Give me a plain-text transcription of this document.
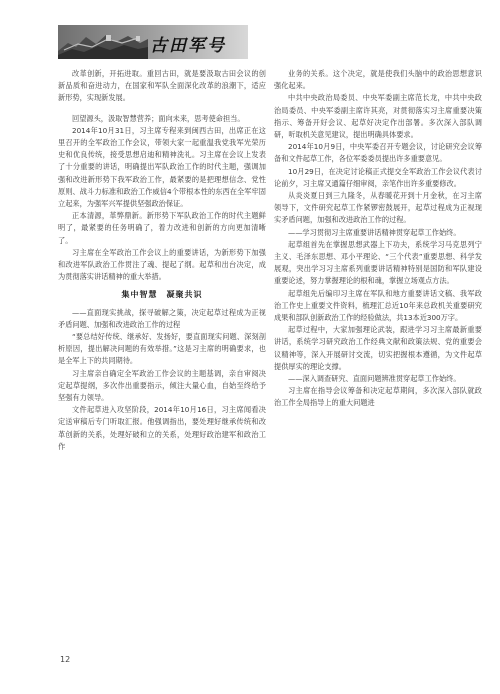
古田军号

改革创新，开拓进取。重回古田，就是要汲取古田会议的创新品质和奋进动力，在国家和军队全面深化改革的浪潮下，适应新形势，实现新发展。

回望源头，汲取智慧营养；面向未来，思考使命担当。

2014年10月31日，习主席专程来到闽西古田，出席正在这里召开的全军政治工作会议，带领大家一起重温我党我军光荣历史和优良传统，接受思想启迪和精神洗礼。习主席在会议上发表了十分重要的讲话，明确提出军队政治工作的时代主题，强调加强和改进新形势下我军政治工作，最紧要的是把理想信念、党性原则、战斗力标准和政治工作威信4个带根本性的东西在全军牢固立起来，为强军兴军提供坚强政治保证。

正本清源，革弊鼎新。新形势下军队政治工作的时代主题鲜明了，最紧要的任务明确了，着力改进和创新的方向更加清晰了。

习主席在全军政治工作会议上的重要讲话，为新形势下加强和改进军队政治工作贯注了魂、提起了纲。起草和出台决定，成为贯彻落实讲话精神的重大举措。

集中智慧　凝聚共识

——直面现实挑战，探寻破解之策，决定起草过程成为正视矛盾问题、加强和改进政治工作的过程

“要总结好传统、继承好、发扬好，要直面现实问题、深刻剖析原因，提出解决问题的有效举措。”这是习主席的明确要求，也是全军上下的共同期待。

习主席亲自确定全军政治工作会议的主题基调，亲自审阅决定起草提纲，多次作出重要指示，倾注大量心血，自始至终给予坚强有力领导。

文件起草进入攻坚阶段，2014年10月16日，习主席闻看决定送审稿后专门听取汇报。他强调指出，要处理好继承传统和改革创新的关系，处理好破和立的关系，处理好政治建军和政治工作

业务的关系。这个决定，就是使我们头脑中的政治思想意识强化起来。

中共中央政治局委员、中央军委副主席范长龙，中共中央政治局委员、中央军委副主席许其亮，对贯彻落实习主席重要决策指示、筹备开好会议、起草好决定作出部署。多次深入部队调研，听取机关意见建议，提出明确具体要求。

2014年10月9日，中央军委召开专题会议，讨论研究会议筹备和文件起草工作，各位军委委员提出许多重要意见。

10月29日，在决定讨论稿正式提交全军政治工作会议代表讨论前夕，习主席又通篇仔细审阅，亲笔作出许多重要修改。

从炎炎夏日到三九隆冬，从春暖花开到十月金秋，在习主席领导下，文件研究起草工作紧锣密鼓展开，起草过程成为正视现实矛盾问题，加强和改进政治工作的过程。

——学习贯彻习主席重要讲话精神贯穿起草工作始终。

起草组首先在掌握思想武器上下功夫，系统学习马克思列宁主义、毛泽东思想、邓小平理论、“三个代表”重要思想、科学发展观，突出学习习主席系列重要讲话精神特别是国防和军队建设重要论述，努力掌握理论的根和魂，掌握立场观点方法。

起草组先后编印习主席在军队和地方重要讲话文稿、我军政治工作史上重要文件资料，梳理汇总近10年来总政机关重要研究成果和部队创新政治工作的经验做法，共13本近300万字。

起草过程中，大家加强理论武装，跟进学习习主席最新重要讲话，系统学习研究政治工作经典文献和政策法规、党的重要会议精神等，深入开展研讨交流，切实把握根本遵循，为文件起草提供厚实的理论支撑。

——深入调查研究、直面问题辨准贯穿起草工作始终。

习主席在指导会议筹备和决定起草期间，多次深入部队就政治工作全局指导上的重大问题进

12
